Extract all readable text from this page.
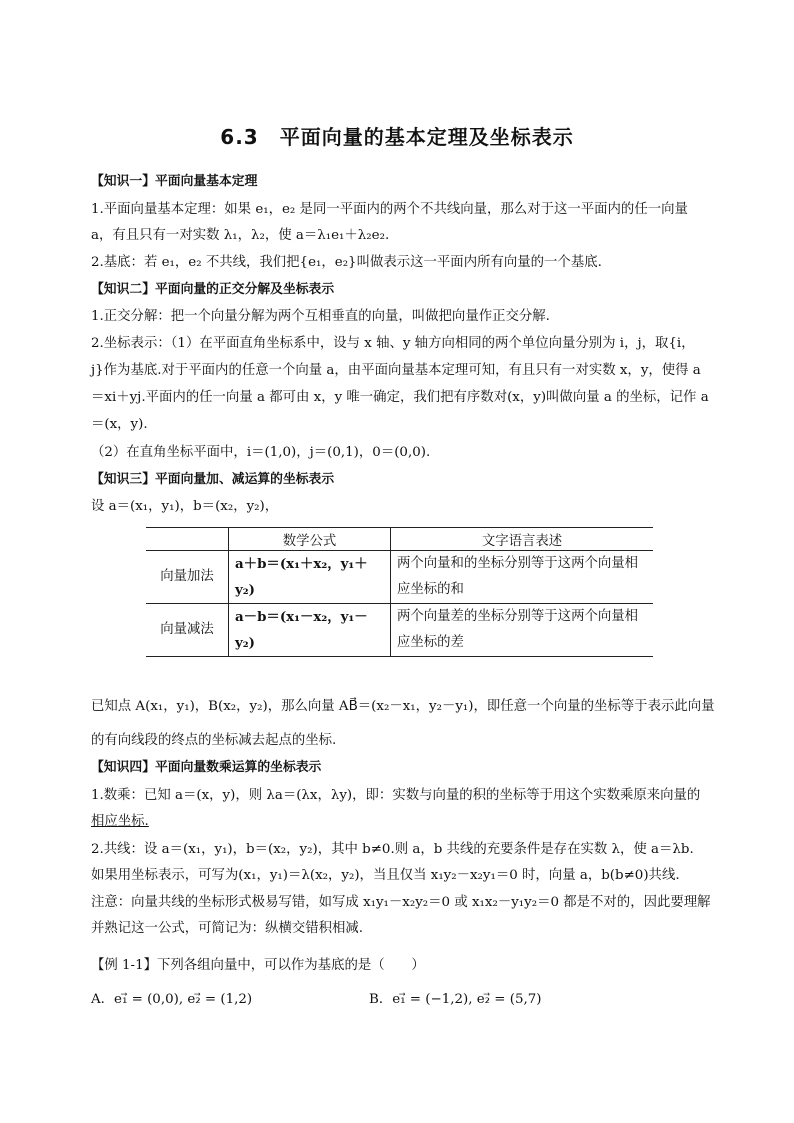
6.3　平面向量的基本定理及坐标表示
【知识一】平面向量基本定理
1.平面向量基本定理：如果 e₁，e₂ 是同一平面内的两个不共线向量，那么对于这一平面内的任一向量
a，有且只有一对实数 λ₁，λ₂，使 a＝λ₁e₁＋λ₂e₂.
2.基底：若 e₁，e₂ 不共线，我们把{e₁，e₂}叫做表示这一平面内所有向量的一个基底.
【知识二】平面向量的正交分解及坐标表示
1.正交分解：把一个向量分解为两个互相垂直的向量，叫做把向量作正交分解.
2.坐标表示：（1）在平面直角坐标系中，设与 x 轴、y 轴方向相同的两个单位向量分别为 i，j，取{i，
j}作为基底.对于平面内的任意一个向量 a，由平面向量基本定理可知，有且只有一对实数 x，y，使得 a
＝xi＋yj.平面内的任一向量 a 都可由 x，y 唯一确定，我们把有序数对(x，y)叫做向量 a 的坐标，记作 a
＝(x，y).
（2）在直角坐标平面中，i＝(1,0)，j＝(0,1)，0＝(0,0).
【知识三】平面向量加、减运算的坐标表示
设 a＝(x₁，y₁)，b＝(x₂，y₂)，
	数学公式	文字语言表述
向量加法	a＋b＝(x₁＋x₂，y₁＋y₂)	两个向量和的坐标分别等于这两个向量相应坐标的和
向量减法	a－b＝(x₁－x₂，y₁－y₂)	两个向量差的坐标分别等于这两个向量相应坐标的差
已知点 A(x₁，y₁)，B(x₂，y₂)，那么向量 AB⃗＝(x₂－x₁，y₂－y₁)，即任意一个向量的坐标等于表示此向量
的有向线段的终点的坐标减去起点的坐标.
【知识四】平面向量数乘运算的坐标表示
1.数乘：已知 a＝(x，y)，则 λa＝(λx，λy)，即：实数与向量的积的坐标等于用这个实数乘原来向量的
相应坐标.
2.共线：设 a＝(x₁，y₁)，b＝(x₂，y₂)，其中 b≠0.则 a，b 共线的充要条件是存在实数 λ，使 a＝λb.
如果用坐标表示，可写为(x₁，y₁)＝λ(x₂，y₂)，当且仅当 x₁y₂－x₂y₁＝0 时，向量 a，b(b≠0)共线.
注意：向量共线的坐标形式极易写错，如写成 x₁y₁－x₂y₂＝0 或 x₁x₂－y₁y₂＝0 都是不对的，因此要理解
并熟记这一公式，可简记为：纵横交错积相减.
【例 1-1】下列各组向量中，可以作为基底的是（　　）
A．e₁⃗ = (0,0), e₂⃗ = (1,2)	B．e₁⃗ = (−1,2), e₂⃗ = (5,7)
